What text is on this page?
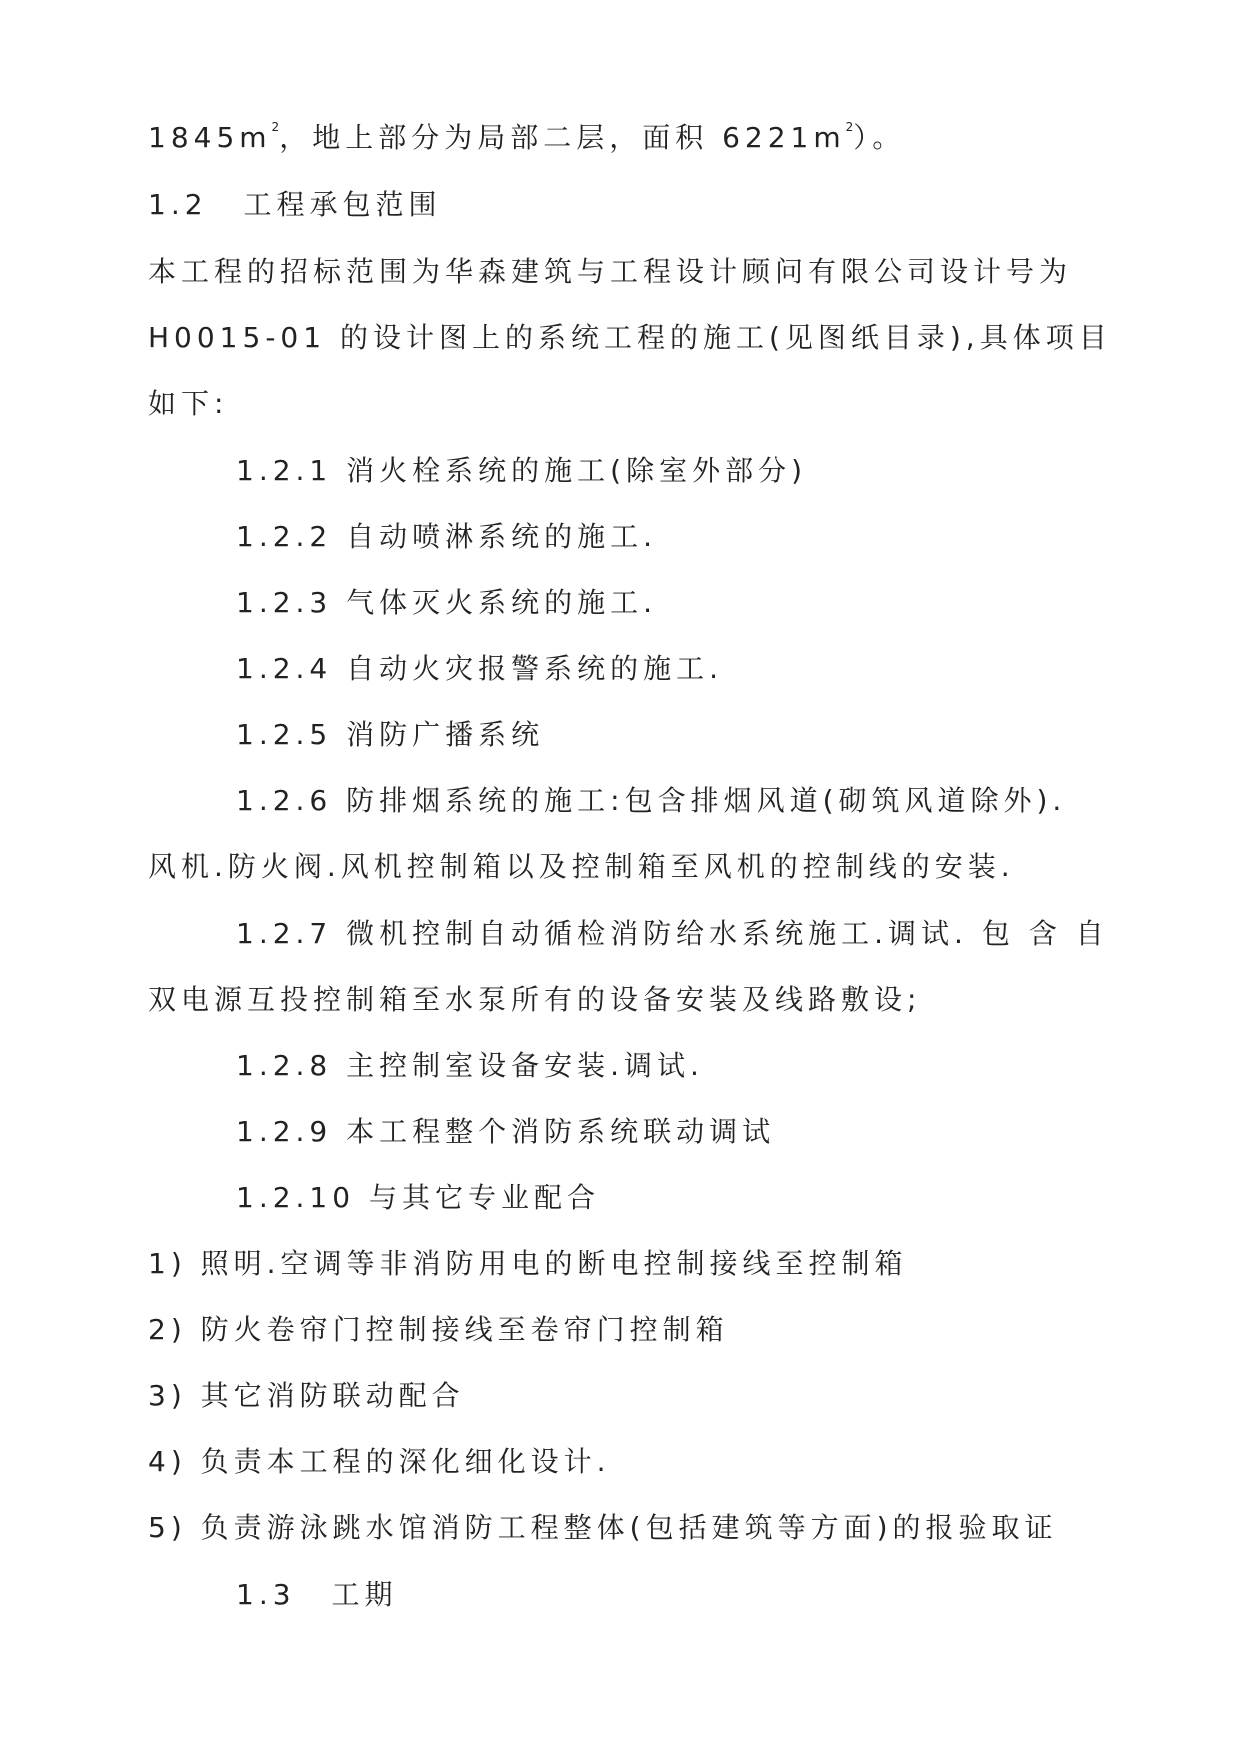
$1845m^2$，地上部分为局部二层，面积 $6221m^2$）。
1.2 工程承包范围
本工程的招标范围为华森建筑与工程设计顾问有限公司设计号为
H0015-01 的设计图上的系统工程的施工(见图纸目录),具体项目
如下:
1.2.1 消火栓系统的施工(除室外部分)
1.2.2 自动喷淋系统的施工.
1.2.3 气体灭火系统的施工.
1.2.4 自动火灾报警系统的施工.
1.2.5 消防广播系统
1.2.6 防排烟系统的施工:包含排烟风道(砌筑风道除外).
风机.防火阀.风机控制箱以及控制箱至风机的控制线的安装.
1.2.7 微机控制自动循检消防给水系统施工.调试. 包 含 自
双电源互投控制箱至水泵所有的设备安装及线路敷设;
1.2.8 主控制室设备安装.调试.
1.2.9 本工程整个消防系统联动调试
1.2.10 与其它专业配合
1) 照明.空调等非消防用电的断电控制接线至控制箱
2) 防火卷帘门控制接线至卷帘门控制箱
3) 其它消防联动配合
4) 负责本工程的深化细化设计.
5) 负责游泳跳水馆消防工程整体(包括建筑等方面)的报验取证
1.3 工期
